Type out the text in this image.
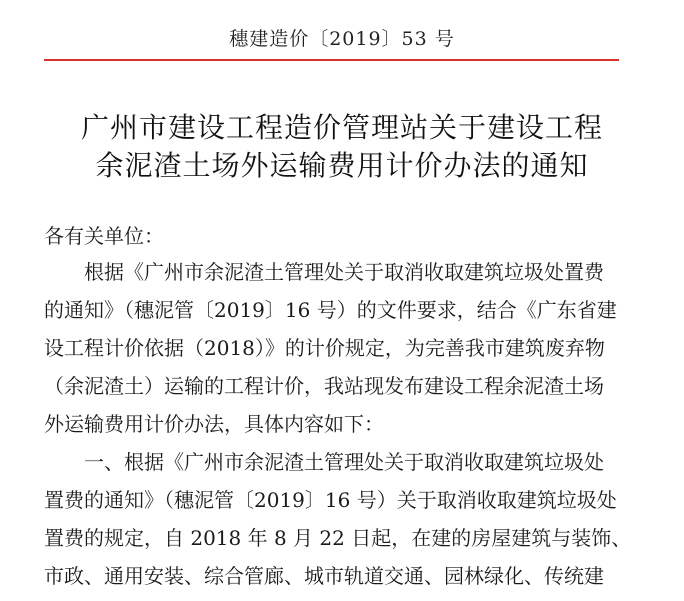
穗建造价〔2019〕53 号
广州市建设工程造价管理站关于建设工程
余泥渣土场外运输费用计价办法的通知
各有关单位：
　　根据《广州市余泥渣土管理处关于取消收取建筑垃圾处置费
的通知》（穗泥管〔2019〕16 号）的文件要求，结合《广东省建
设工程计价依据（2018）》的计价规定，为完善我市建筑废弃物
（余泥渣土）运输的工程计价，我站现发布建设工程余泥渣土场
外运输费用计价办法，具体内容如下：
　　一、根据《广州市余泥渣土管理处关于取消收取建筑垃圾处
置费的通知》（穗泥管〔2019〕16 号）关于取消收取建筑垃圾处
置费的规定，自 2018 年 8 月 22 日起，在建的房屋建筑与装饰、
市政、通用安装、综合管廊、城市轨道交通、园林绿化、传统建
